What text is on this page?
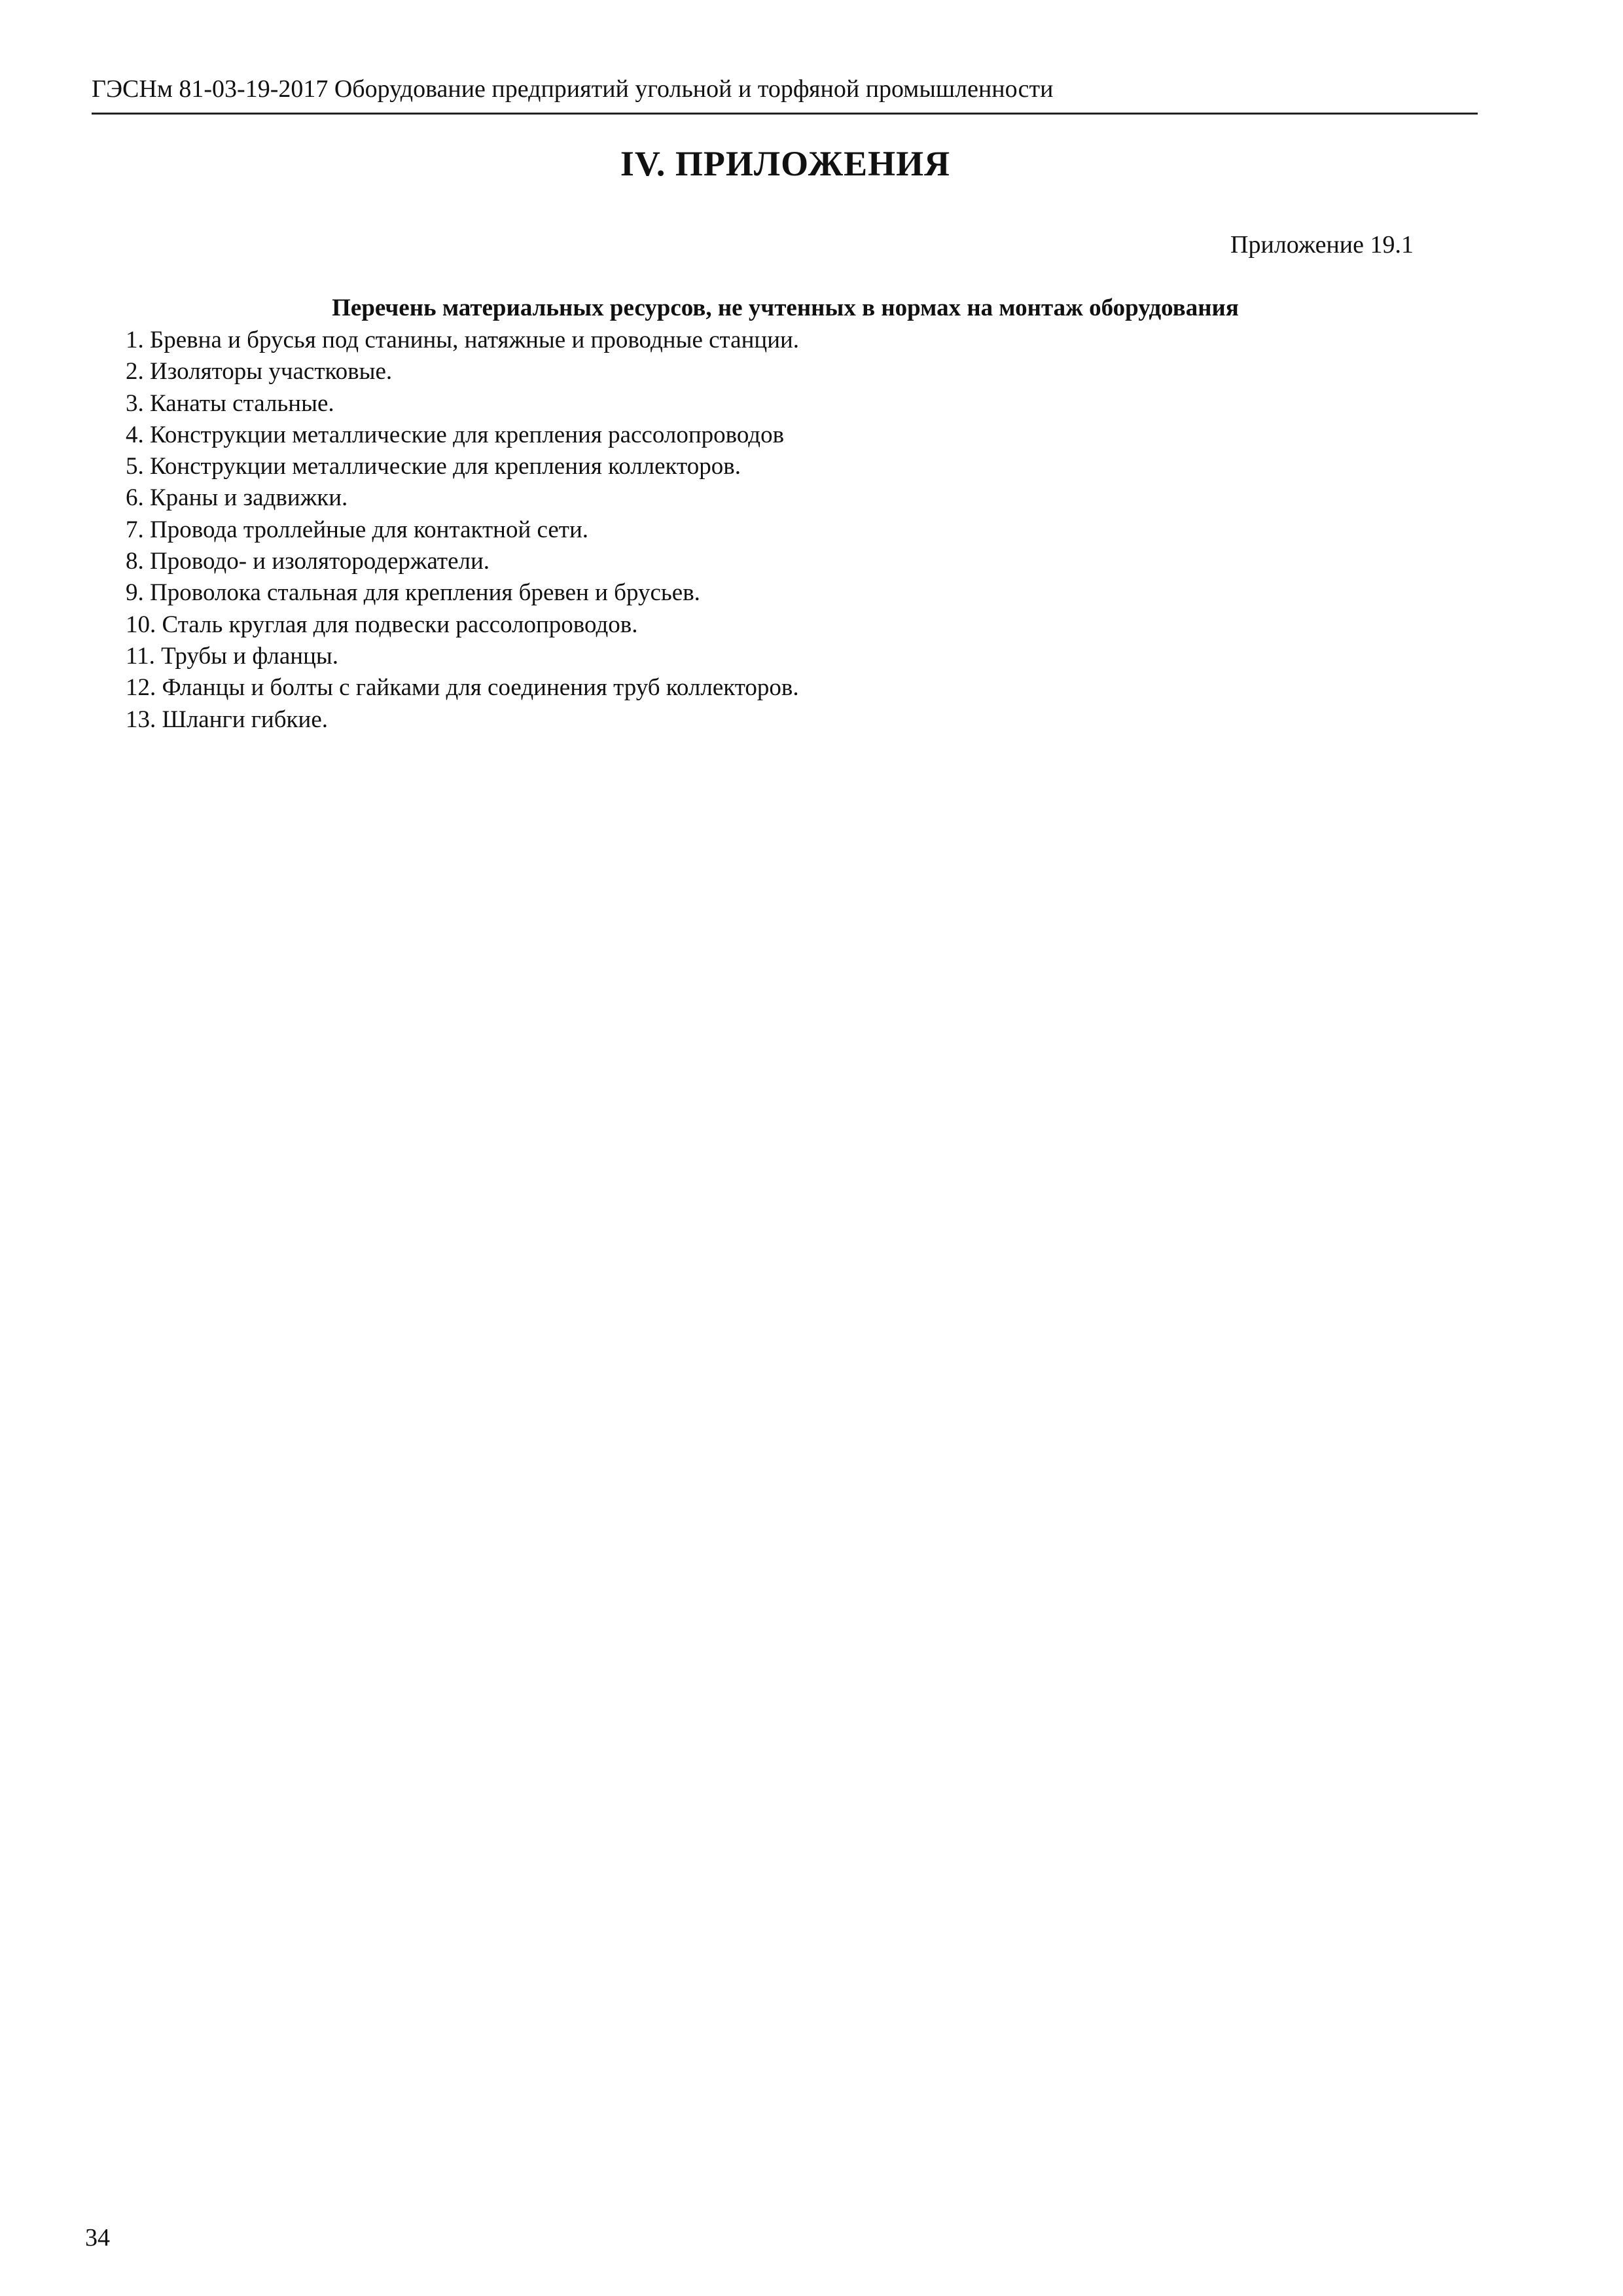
ГЭСНм 81-03-19-2017 Оборудование предприятий угольной и торфяной промышленности
IV. ПРИЛОЖЕНИЯ
Приложение 19.1
Перечень материальных ресурсов, не учтенных в нормах на монтаж оборудования
1. Бревна и брусья под станины, натяжные и проводные станции.
2. Изоляторы участковые.
3. Канаты стальные.
4. Конструкции металлические для крепления рассолопроводов
5. Конструкции металлические для крепления коллекторов.
6. Краны и задвижки.
7. Провода троллейные для контактной сети.
8. Проводо- и изолятородержатели.
9. Проволока стальная для крепления бревен и брусьев.
10. Сталь круглая для подвески рассолопроводов.
11. Трубы и фланцы.
12. Фланцы и болты с гайками для соединения труб коллекторов.
13. Шланги гибкие.
34
